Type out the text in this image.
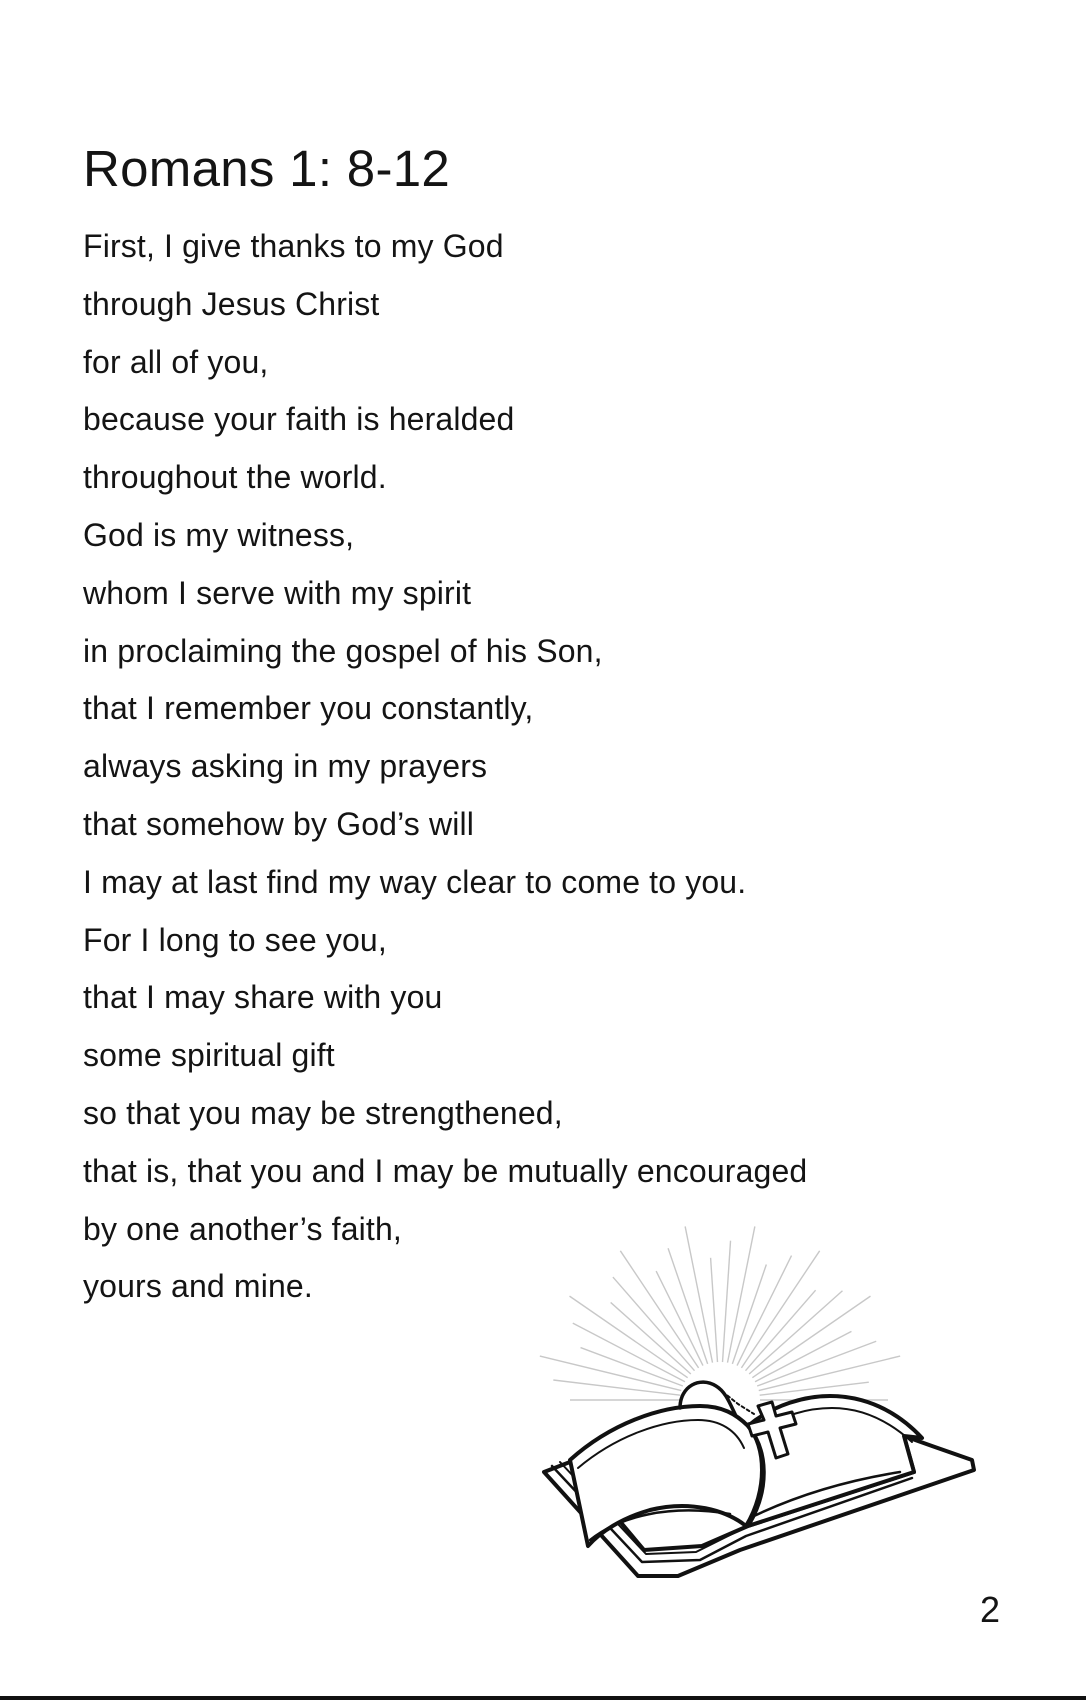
Romans 1: 8-12
First, I give thanks to my God
through Jesus Christ
for all of you,
because your faith is heralded
throughout the world.
God is my witness,
whom I serve with my spirit
in proclaiming the gospel of his Son,
that I remember you constantly,
always asking in my prayers
that somehow by God’s will
I may at last find my way clear to come to you.
For I long to see you,
that I may share with you
some spiritual gift
so that you may be strengthened,
that is, that you and I may be mutually encouraged
by one another’s faith,
yours and mine.
2
